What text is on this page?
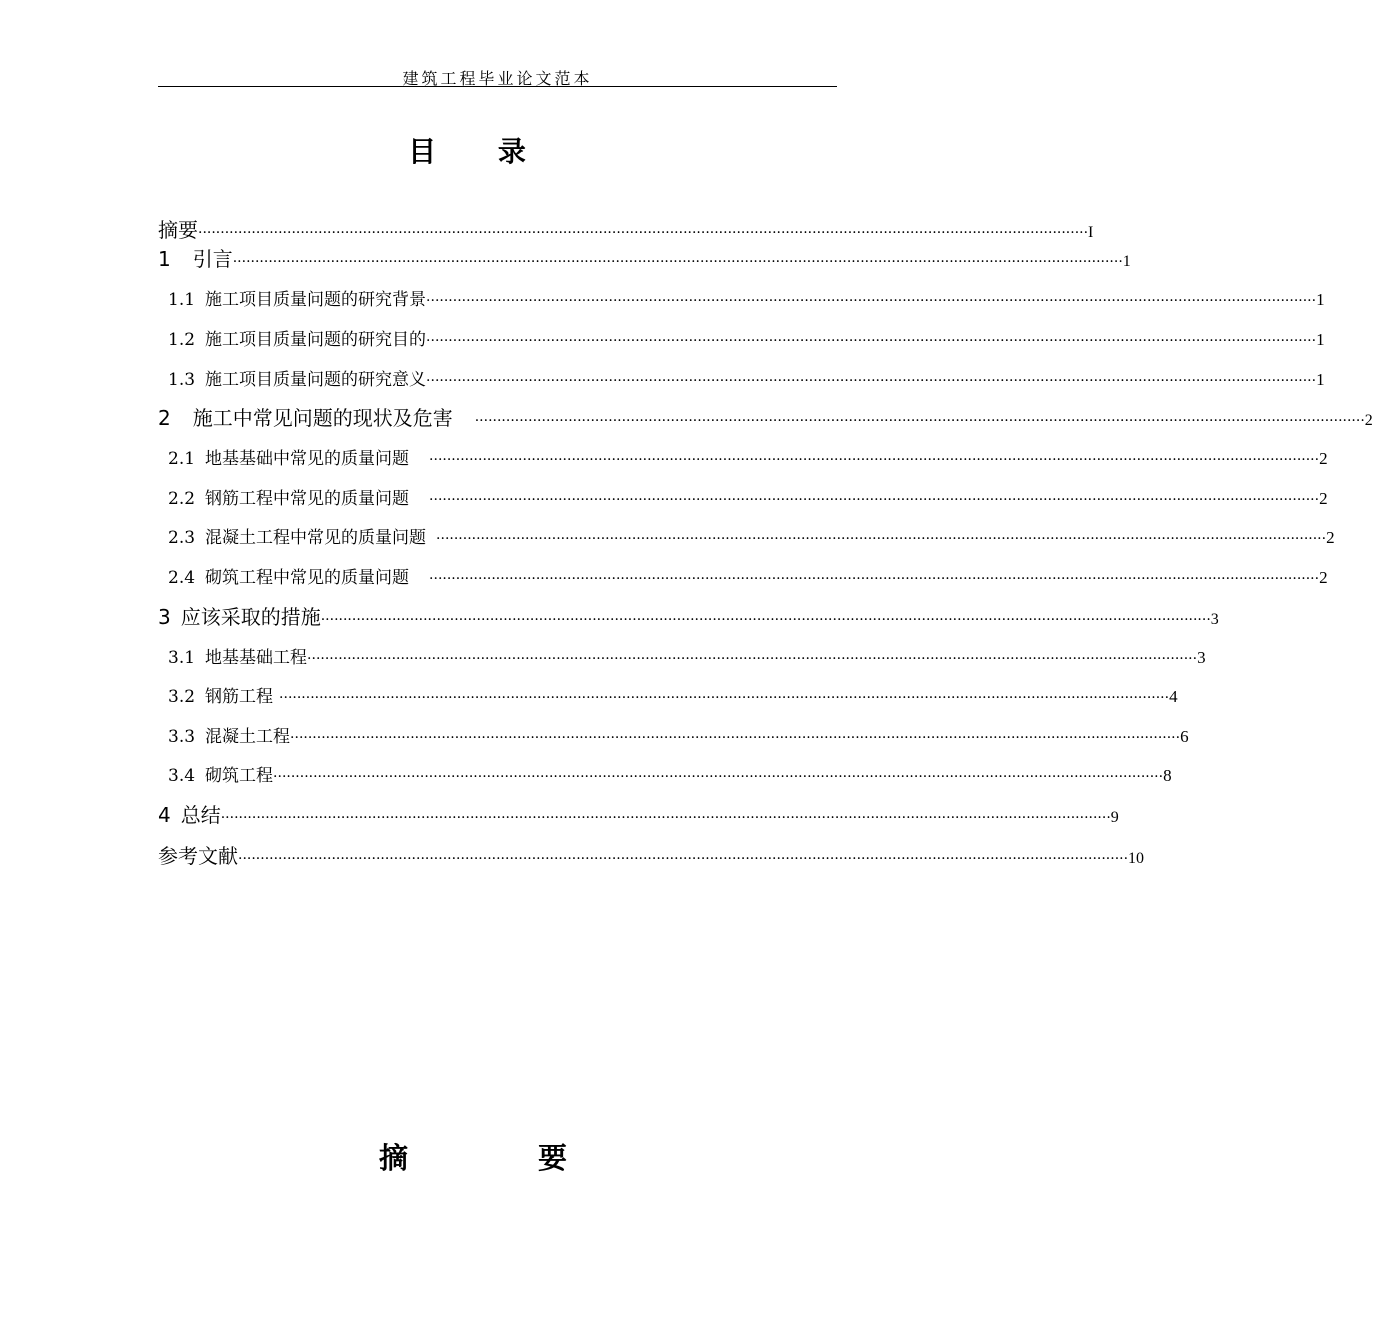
建筑工程毕业论文范本
目 录
摘要 ········································································································································································································ I
1 引言 ········································································································································································································ 1
1.1 施工项目质量问题的研究背景 ········································································································································································································ 1
1.2 施工项目质量问题的研究目的 ········································································································································································································ 1
1.3 施工项目质量问题的研究意义 ········································································································································································································ 1
2 施工中常见问题的现状及危害 ········································································································································································································ 2
2.1 地基基础中常见的质量问题 ········································································································································································································ 2
2.2 钢筋工程中常见的质量问题 ········································································································································································································ 2
2.3 混凝土工程中常见的质量问题 ········································································································································································································ 2
2.4 砌筑工程中常见的质量问题 ········································································································································································································ 2
3 应该采取的措施 ········································································································································································································ 3
3.1 地基基础工程 ········································································································································································································ 3
3.2 钢筋工程 ········································································································································································································ 4
3.3 混凝土工程 ········································································································································································································ 6
3.4 砌筑工程 ········································································································································································································ 8
4 总结 ········································································································································································································ 9
参考文献 ········································································································································································································ 10
摘 要
